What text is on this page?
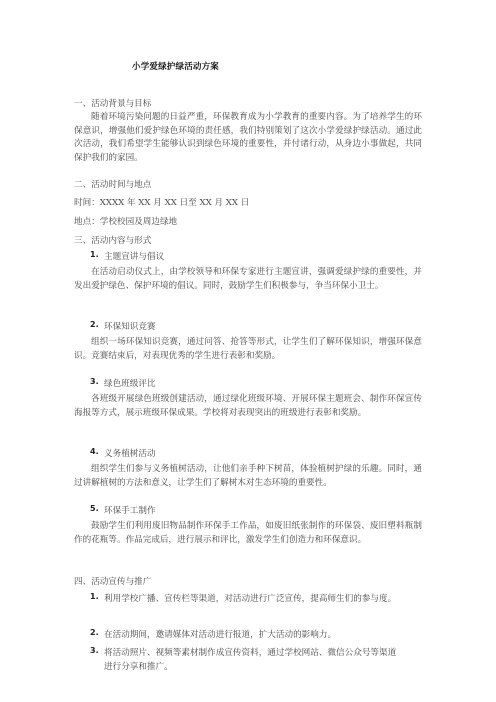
小学爱绿护绿活动方案
一、活动背景与目标

随着环境污染问题的日益严重，环保教育成为小学教育的重要内容。为了培养学生的环保意识，增强他们爱护绿色环境的责任感，我们特别策划了这次小学爱绿护绿活动。通过此次活动，我们希望学生能够认识到绿色环境的重要性，并付诸行动，从身边小事做起，共同保护我们的家园。

二、活动时间与地点
时间：XXXX 年 XX 月 XX 日至 XX 月 XX 日
地点：学校校园及周边绿地
三、活动内容与形式
1. 主题宣讲与倡议

在活动启动仪式上，由学校领导和环保专家进行主题宣讲，强调爱绿护绿的重要性，并发出爱护绿色、保护环境的倡议。同时，鼓励学生们积极参与，争当环保小卫士。

2. 环保知识竞赛

组织一场环保知识竞赛，通过问答、抢答等形式，让学生们了解环保知识，增强环保意识。竞赛结束后，对表现优秀的学生进行表彰和奖励。

3. 绿色班级评比

各班级开展绿色班级创建活动，通过绿化班级环境、开展环保主题班会、制作环保宣传海报等方式，展示班级环保成果。学校将对表现突出的班级进行表彰和奖励。

4. 义务植树活动

组织学生们参与义务植树活动，让他们亲手种下树苗，体验植树护绿的乐趣。同时，通过讲解植树的方法和意义，让学生们了解树木对生态环境的重要性。

5. 环保手工制作

鼓励学生们利用废旧物品制作环保手工作品，如废旧纸张制作的环保袋、废旧塑料瓶制作的花瓶等。作品完成后，进行展示和评比，激发学生们创造力和环保意识。

四、活动宣传与推广
1. 利用学校广播、宣传栏等渠道，对活动进行广泛宣传，提高师生们的参与度。

2. 在活动期间，邀请媒体对活动进行报道，扩大活动的影响力。

3. 将活动照片、视频等素材制作成宣传资料，通过学校网站、微信公众号等渠道进行分享和推广。
